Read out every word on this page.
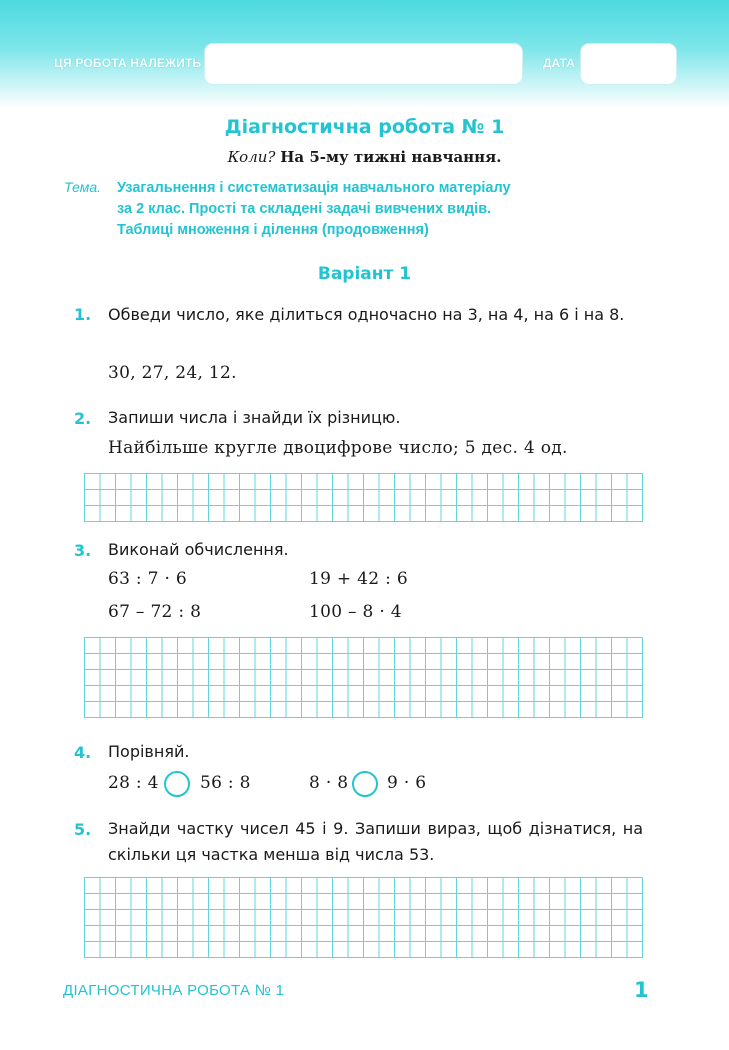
ЦЯ РОБОТА НАЛЕЖИТЬ	ДАТА
Діагностична робота № 1
Коли? На 5-му тижні навчання.
Тема. Узагальнення і систематизація навчального матеріалу
за 2 клас. Прості та складені задачі вивчених видів.
Таблиці множення і ділення (продовження)
Варіант 1
1. Обведи число, яке ділиться одночасно на 3, на 4, на 6 і на 8.
30, 27, 24, 12.
2. Запиши числа і знайди їх різницю.
Найбільше кругле двоцифрове число; 5 дес. 4 од.
3. Виконай обчислення.
63 : 7 · 6	19 + 42 : 6
67 – 72 : 8	100 – 8 · 4
4. Порівняй.
28 : 4 56 : 8	8 · 8 9 · 6
5. Знайди частку чисел 45 і 9. Запиши вираз, щоб дізнатися, на скільки ця частка менша від числа 53.
ДІАГНОСТИЧНА РОБОТА № 1	1
